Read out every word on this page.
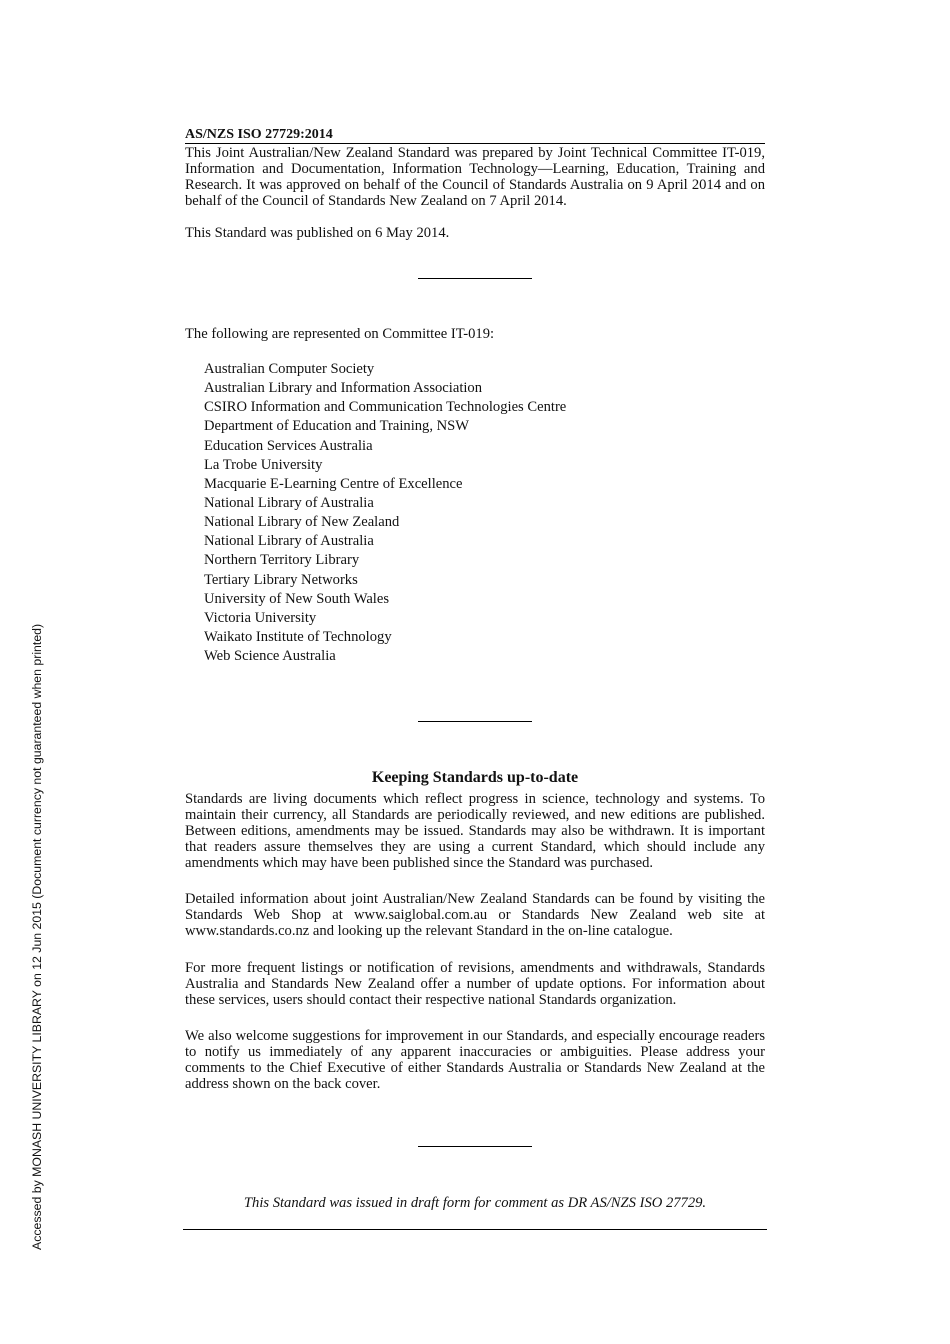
Accessed by MONASH UNIVERSITY LIBRARY on 12 Jun 2015 (Document currency not guaranteed when printed)
AS/NZS ISO 27729:2014

This Joint Australian/New Zealand Standard was prepared by Joint Technical Committee IT-019, Information and Documentation, Information Technology—Learning, Education, Training and Research. It was approved on behalf of the Council of Standards Australia on 9 April 2014 and on behalf of the Council of Standards New Zealand on 7 April 2014.

This Standard was published on 6 May 2014.

The following are represented on Committee IT-019:
Australian Computer Society
Australian Library and Information Association
CSIRO Information and Communication Technologies Centre
Department of Education and Training, NSW
Education Services Australia
La Trobe University
Macquarie E-Learning Centre of Excellence
National Library of Australia
National Library of New Zealand
National Library of Australia
Northern Territory Library
Tertiary Library Networks
University of New South Wales
Victoria University
Waikato Institute of Technology
Web Science Australia
Keeping Standards up-to-date

Standards are living documents which reflect progress in science, technology and systems. To maintain their currency, all Standards are periodically reviewed, and new editions are published. Between editions, amendments may be issued. Standards may also be withdrawn. It is important that readers assure themselves they are using a current Standard, which should include any amendments which may have been published since the Standard was purchased.

Detailed information about joint Australian/New Zealand Standards can be found by visiting the Standards Web Shop at www.saiglobal.com.au or Standards New Zealand web site at www.standards.co.nz and looking up the relevant Standard in the on-line catalogue.

For more frequent listings or notification of revisions, amendments and withdrawals, Standards Australia and Standards New Zealand offer a number of update options. For information about these services, users should contact their respective national Standards organization.

We also welcome suggestions for improvement in our Standards, and especially encourage readers to notify us immediately of any apparent inaccuracies or ambiguities. Please address your comments to the Chief Executive of either Standards Australia or Standards New Zealand at the address shown on the back cover.

This Standard was issued in draft form for comment as DR AS/NZS ISO 27729.
